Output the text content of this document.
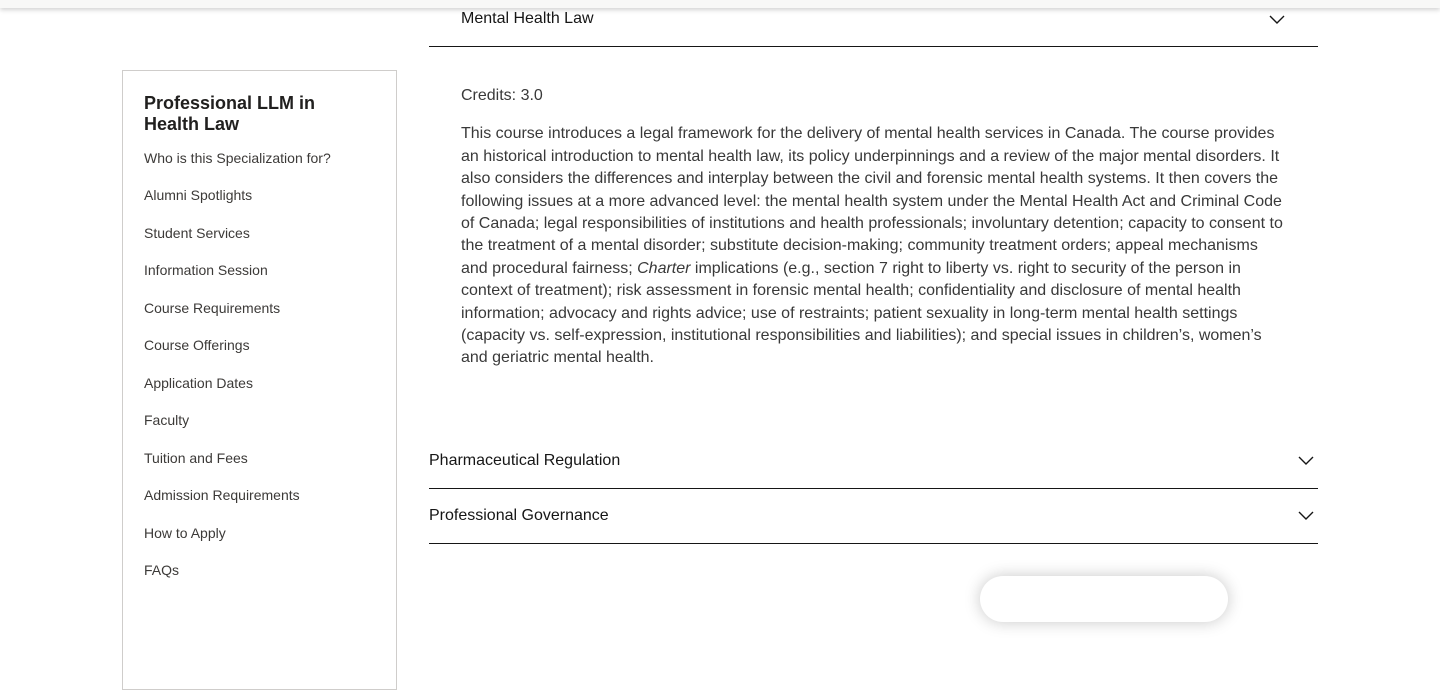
Professional LLM in Health Law
Who is this Specialization for?
Alumni Spotlights
Student Services
Information Session
Course Requirements
Course Offerings
Application Dates
Faculty
Tuition and Fees
Admission Requirements
How to Apply
FAQs
Mental Health Law

Credits: 3.0

This course introduces a legal framework for the delivery of mental health services in Canada. The course provides an historical introduction to mental health law, its policy underpinnings and a review of the major mental disorders. It also considers the differences and interplay between the civil and forensic mental health systems. It then covers the following issues at a more advanced level: the mental health system under the Mental Health Act and Criminal Code of Canada; legal responsibilities of institutions and health professionals; involuntary detention; capacity to consent to the treatment of a mental disorder; substitute decision-making; community treatment orders; appeal mechanisms and procedural fairness; Charter implications (e.g., section 7 right to liberty vs. right to security of the person in context of treatment); risk assessment in forensic mental health; confidentiality and disclosure of mental health information; advocacy and rights advice; use of restraints; patient sexuality in long-term mental health settings (capacity vs. self-expression, institutional responsibilities and liabilities); and special issues in children’s, women’s and geriatric mental health.

Pharmaceutical Regulation
Professional Governance
